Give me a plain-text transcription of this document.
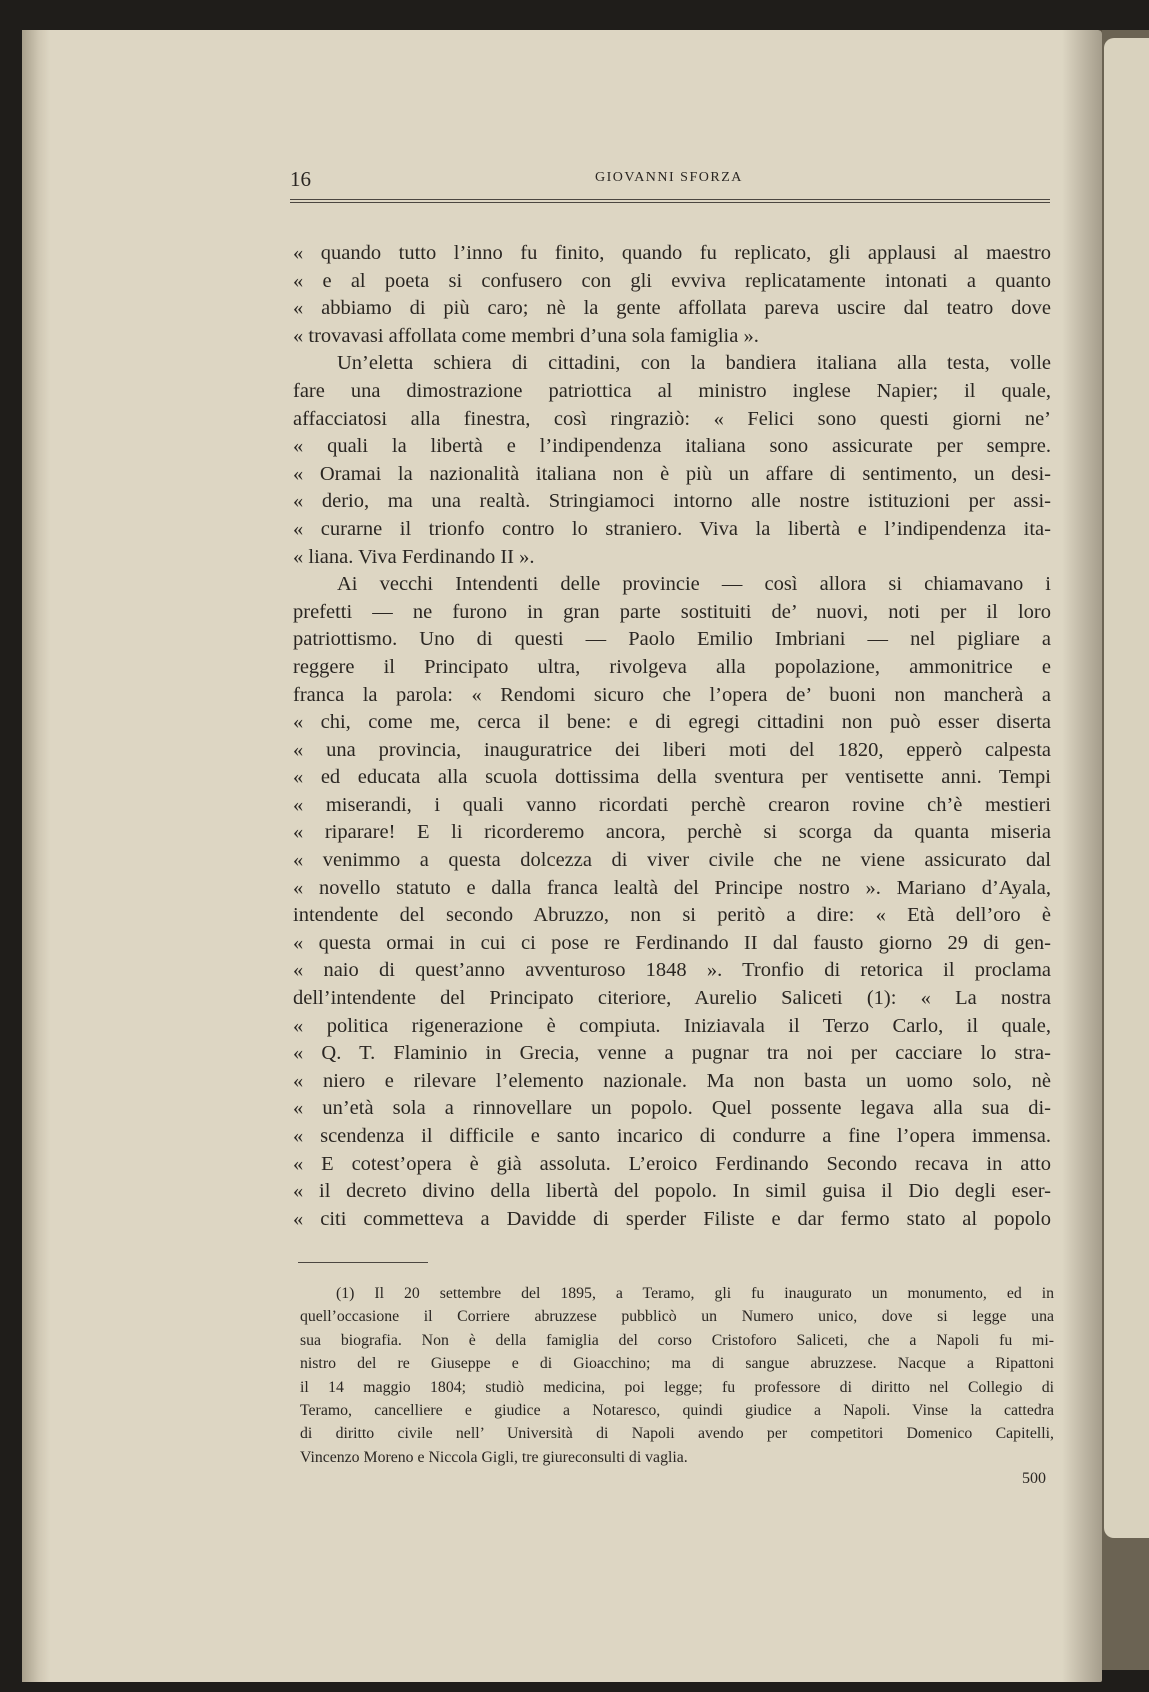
16	GIOVANNI SFORZA
« quando tutto l’inno fu finito, quando fu replicato, gli applausi al maestro
« e al poeta si confusero con gli evviva replicatamente intonati a quanto
« abbiamo di più caro; nè la gente affollata pareva uscire dal teatro dove
« trovavasi affollata come membri d’una sola famiglia ».
Un’eletta schiera di cittadini, con la bandiera italiana alla testa, volle
fare una dimostrazione patriottica al ministro inglese Napier; il quale,
affacciatosi alla finestra, così ringraziò: « Felici sono questi giorni ne’
« quali la libertà e l’indipendenza italiana sono assicurate per sempre.
« Oramai la nazionalità italiana non è più un affare di sentimento, un desi-
« derio, ma una realtà. Stringiamoci intorno alle nostre istituzioni per assi-
« curarne il trionfo contro lo straniero. Viva la libertà e l’indipendenza ita-
« liana. Viva Ferdinando II ».
Ai vecchi Intendenti delle provincie — così allora si chiamavano i
prefetti — ne furono in gran parte sostituiti de’ nuovi, noti per il loro
patriottismo. Uno di questi — Paolo Emilio Imbriani — nel pigliare a
reggere il Principato ultra, rivolgeva alla popolazione, ammonitrice e
franca la parola: « Rendomi sicuro che l’opera de’ buoni non mancherà a
« chi, come me, cerca il bene: e di egregi cittadini non può esser diserta
« una provincia, inauguratrice dei liberi moti del 1820, epperò calpesta
« ed educata alla scuola dottissima della sventura per ventisette anni. Tempi
« miserandi, i quali vanno ricordati perchè crearon rovine ch’è mestieri
« riparare! E li ricorderemo ancora, perchè si scorga da quanta miseria
« venimmo a questa dolcezza di viver civile che ne viene assicurato dal
« novello statuto e dalla franca lealtà del Principe nostro ». Mariano d’Ayala,
intendente del secondo Abruzzo, non si peritò a dire: « Età dell’oro è
« questa ormai in cui ci pose re Ferdinando II dal fausto giorno 29 di gen-
« naio di quest’anno avventuroso 1848 ». Tronfio di retorica il proclama
dell’intendente del Principato citeriore, Aurelio Saliceti (1): « La nostra
« politica rigenerazione è compiuta. Iniziavala il Terzo Carlo, il quale,
« Q. T. Flaminio in Grecia, venne a pugnar tra noi per cacciare lo stra-
« niero e rilevare l’elemento nazionale. Ma non basta un uomo solo, nè
« un’età sola a rinnovellare un popolo. Quel possente legava alla sua di-
« scendenza il difficile e santo incarico di condurre a fine l’opera immensa.
« E cotest’opera è già assoluta. L’eroico Ferdinando Secondo recava in atto
« il decreto divino della libertà del popolo. In simil guisa il Dio degli eser-
« citi commetteva a Davidde di sperder Filiste e dar fermo stato al popolo
(1) Il 20 settembre del 1895, a Teramo, gli fu inaugurato un monumento, ed in
quell’occasione il Corriere abruzzese pubblicò un Numero unico, dove si legge una
sua biografia. Non è della famiglia del corso Cristoforo Saliceti, che a Napoli fu mi-
nistro del re Giuseppe e di Gioacchino; ma di sangue abruzzese. Nacque a Ripattoni
il 14 maggio 1804; studiò medicina, poi legge; fu professore di diritto nel Collegio di
Teramo, cancelliere e giudice a Notaresco, quindi giudice a Napoli. Vinse la cattedra
di diritto civile nell’ Università di Napoli avendo per competitori Domenico Capitelli,
Vincenzo Moreno e Niccola Gigli, tre giureconsulti di vaglia.
500
